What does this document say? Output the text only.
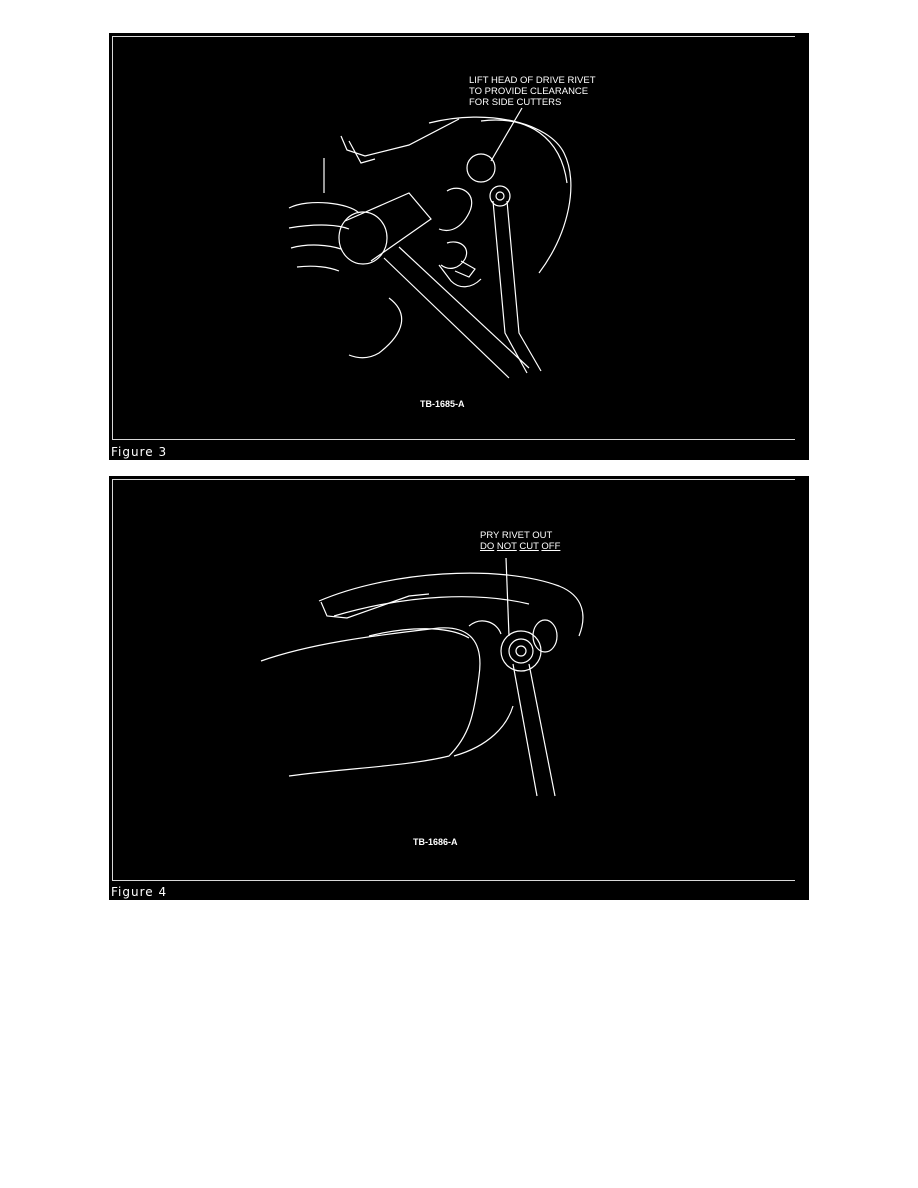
LIFT HEAD OF DRIVE RIVET
TO PROVIDE CLEARANCE
FOR SIDE CUTTERS
TB-1685-A
Figure 3
PRY RIVET OUT
DO NOT CUT OFF
TB-1686-A
Figure 4
